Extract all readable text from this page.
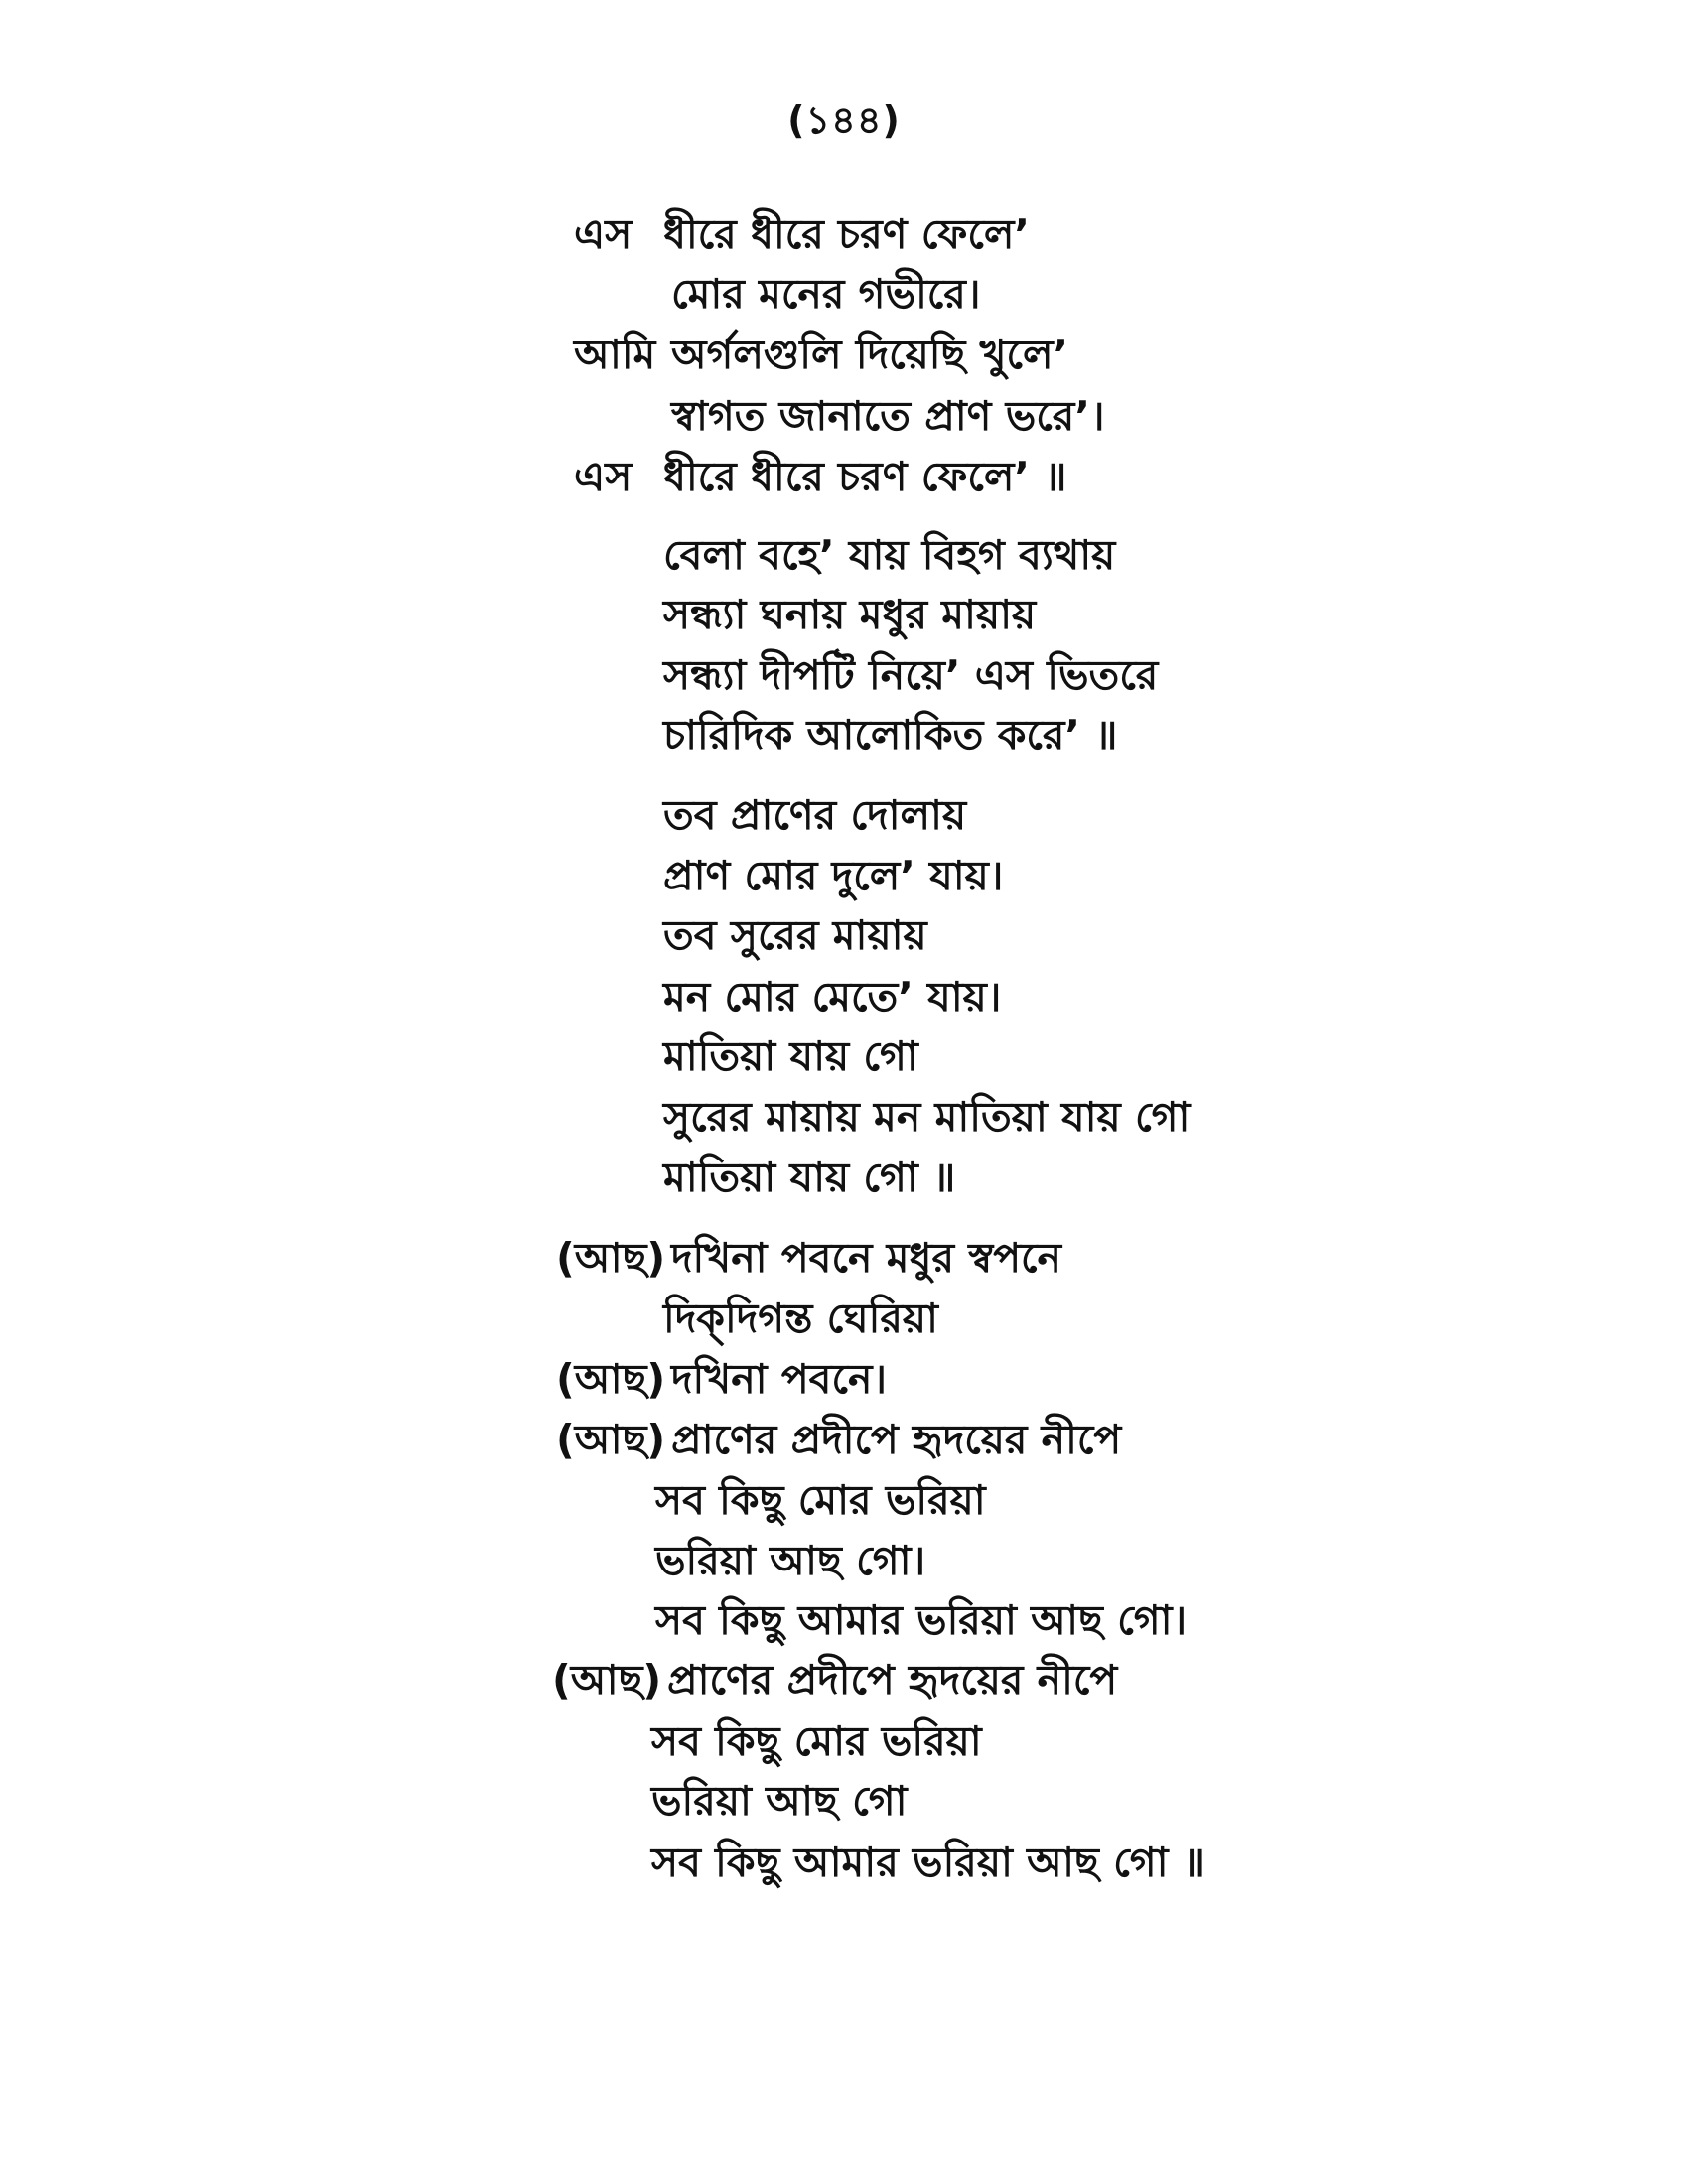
(১৪৪)
এস ধীরে ধীরে চরণ ফেলে’
মোর মনের গভীরে।
আমি অর্গলগুলি দিয়েছি খুলে’
স্বাগত জানাতে প্রাণ ভরে’।
এস ধীরে ধীরে চরণ ফেলে’ ॥
বেলা বহে’ যায় বিহগ ব্যথায়
সন্ধ্যা ঘনায় মধুর মায়ায়
সন্ধ্যা দীপটি নিয়ে’ এস ভিতরে
চারিদিক আলোকিত করে’ ॥
তব প্রাণের দোলায়
প্রাণ মোর দুলে’ যায়।
তব সুরের মায়ায়
মন মোর মেতে’ যায়।
মাতিয়া যায় গো
সুরের মায়ায় মন মাতিয়া যায় গো
মাতিয়া যায় গো ॥
(আছ) দখিনা পবনে মধুর স্বপনে
দিক্‌দিগন্ত ঘেরিয়া
(আছ) দখিনা পবনে।
(আছ) প্রাণের প্রদীপে হৃদয়ের নীপে
সব কিছু মোর ভরিয়া
ভরিয়া আছ গো।
সব কিছু আমার ভরিয়া আছ গো।
(আছ) প্রাণের প্রদীপে হৃদয়ের নীপে
সব কিছু মোর ভরিয়া
ভরিয়া আছ গো
সব কিছু আমার ভরিয়া আছ গো ॥
